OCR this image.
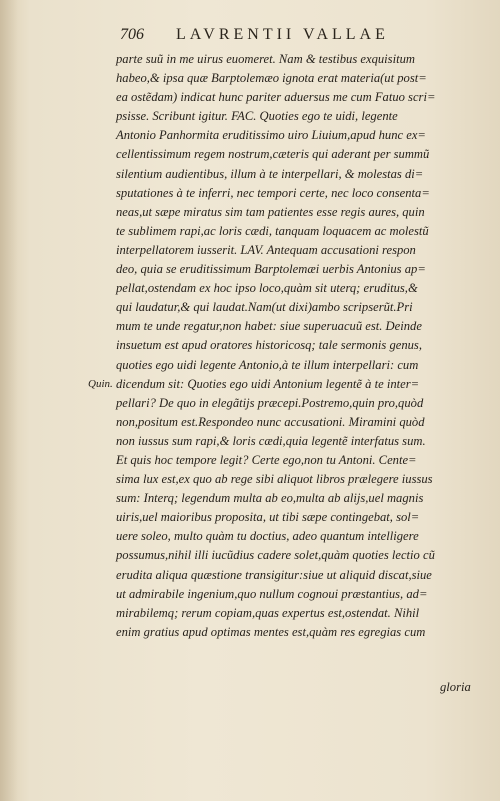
706 LAVRENTII VALLAE
Quin.
parte suũ in me uirus euomeret. Nam & testibus exquisitum
habeo,& ipsa quæ Barptolemæo ignota erat materia(ut post=
ea ostẽdam) indicat hunc pariter aduersus me cum Fatuo scri=
psisse. Scribunt igitur. FAC. Quoties ego te uidi, legente
Antonio Panhormita eruditissimo uiro Liuium,apud hunc ex=
cellentissimum regem nostrum,cæteris qui aderant per summũ
silentium audientibus, illum à te interpellari, & molestas di=
sputationes à te inferri, nec tempori certe, nec loco consenta=
neas,ut sæpe miratus sim tam patientes esse regis aures, quin
te sublimem rapi,ac loris cædi, tanquam loquacem ac molestũ
interpellatorem iusserit. LAV. Antequam accusationi respon
deo, quia se eruditissimum Barptolemæi uerbis Antonius ap=
pellat,ostendam ex hoc ipso loco,quàm sit uterq; eruditus,&
qui laudatur,& qui laudat.Nam(ut dixi)ambo scripserũt.Pri
mum te unde regatur,non habet: siue superuacuũ est. Deinde
insuetum est apud oratores historicosq; tale sermonis genus,
quoties ego uidi legente Antonio,à te illum interpellari: cum
dicendum sit: Quoties ego uidi Antonium legentẽ à te inter=
pellari? De quo in elegãtijs præcepi.Postremo,quin pro,quòd
non,positum est.Respondeo nunc accusationi. Miramini quòd
non iussus sum rapi,& loris cædi,quia legentẽ interfatus sum.
Et quis hoc tempore legit? Certe ego,non tu Antoni. Cente=
sima lux est,ex quo ab rege sibi aliquot libros prælegere iussus
sum: Interq; legendum multa ab eo,multa ab alijs,uel magnis
uiris,uel maioribus proposita, ut tibi sæpe contingebat, sol=
uere soleo, multo quàm tu doctius, adeo quantum intelligere
possumus,nihil illi iucũdius cadere solet,quàm quoties lectio cũ
erudita aliqua quæstione transigitur:siue ut aliquid discat,siue
ut admirabile ingenium,quo nullum cognoui præstantius, ad=
mirabilemq; rerum copiam,quas expertus est,ostendat. Nihil
enim gratius apud optimas mentes est,quàm res egregias cum
gloria
